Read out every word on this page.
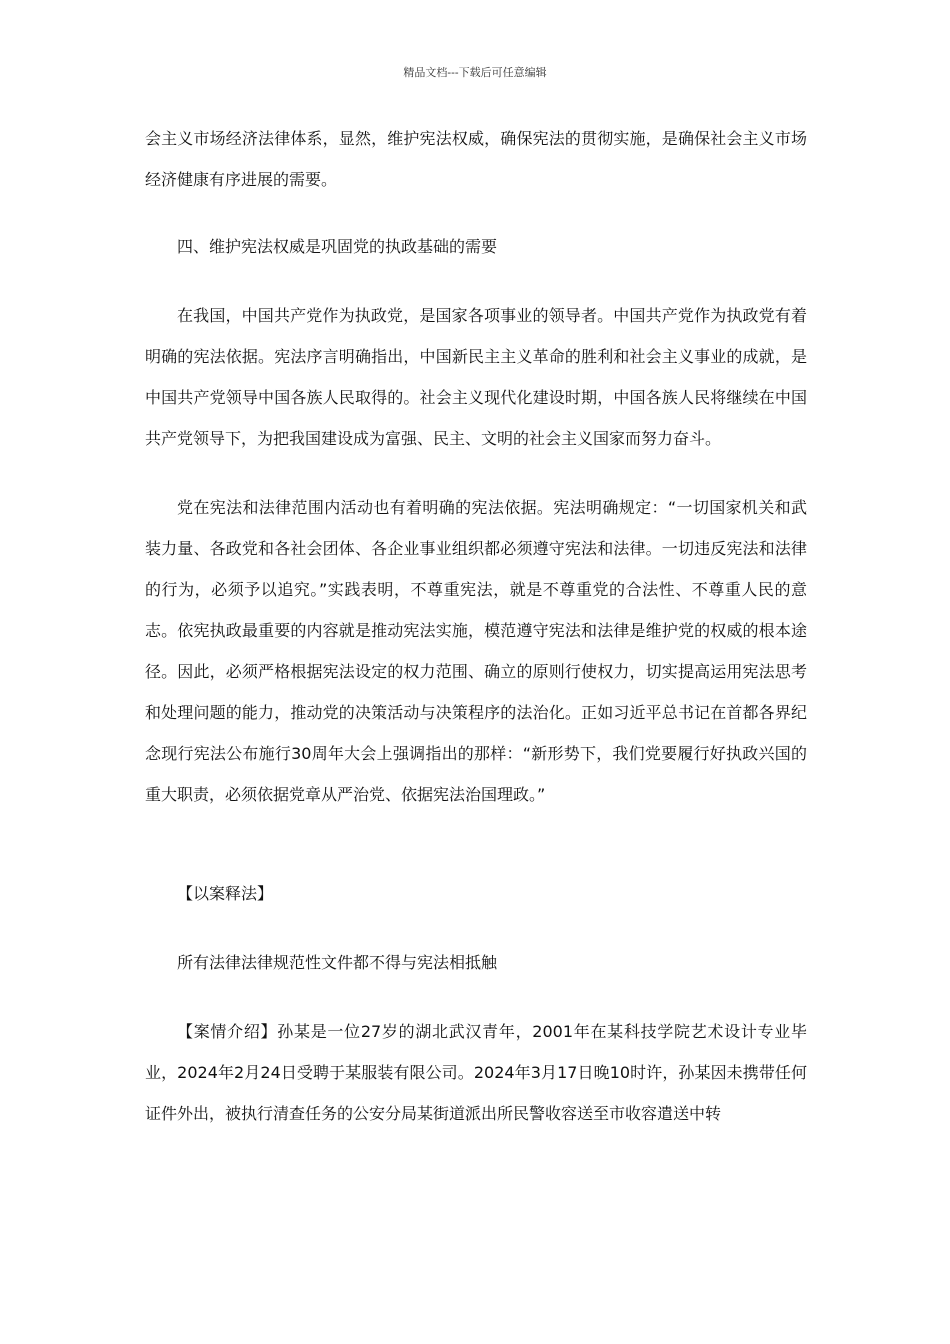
精品文档---下载后可任意编辑

会主义市场经济法律体系，显然，维护宪法权威，确保宪法的贯彻实施，是确保社会主义市场经济健康有序进展的需要。

四、维护宪法权威是巩固党的执政基础的需要

在我国，中国共产党作为执政党，是国家各项事业的领导者。中国共产党作为执政党有着明确的宪法依据。宪法序言明确指出，中国新民主主义革命的胜利和社会主义事业的成就，是中国共产党领导中国各族人民取得的。社会主义现代化建设时期，中国各族人民将继续在中国共产党领导下，为把我国建设成为富强、民主、文明的社会主义国家而努力奋斗。

党在宪法和法律范围内活动也有着明确的宪法依据。宪法明确规定：“一切国家机关和武装力量、各政党和各社会团体、各企业事业组织都必须遵守宪法和法律。一切违反宪法和法律的行为，必须予以追究。”实践表明，不尊重宪法，就是不尊重党的合法性、不尊重人民的意志。依宪执政最重要的内容就是推动宪法实施，模范遵守宪法和法律是维护党的权威的根本途径。因此，必须严格根据宪法设定的权力范围、确立的原则行使权力，切实提高运用宪法思考和处理问题的能力，推动党的决策活动与决策程序的法治化。正如习近平总书记在首都各界纪念现行宪法公布施行30周年大会上强调指出的那样：“新形势下，我们党要履行好执政兴国的重大职责，必须依据党章从严治党、依据宪法治国理政。”

【以案释法】

所有法律法律规范性文件都不得与宪法相抵触

【案情介绍】孙某是一位27岁的湖北武汉青年，2001年在某科技学院艺术设计专业毕业，2024年2月24日受聘于某服装有限公司。2024年3月17日晚10时许，孙某因未携带任何证件外出，被执行清查任务的公安分局某街道派出所民警收容送至市收容遣送中转
